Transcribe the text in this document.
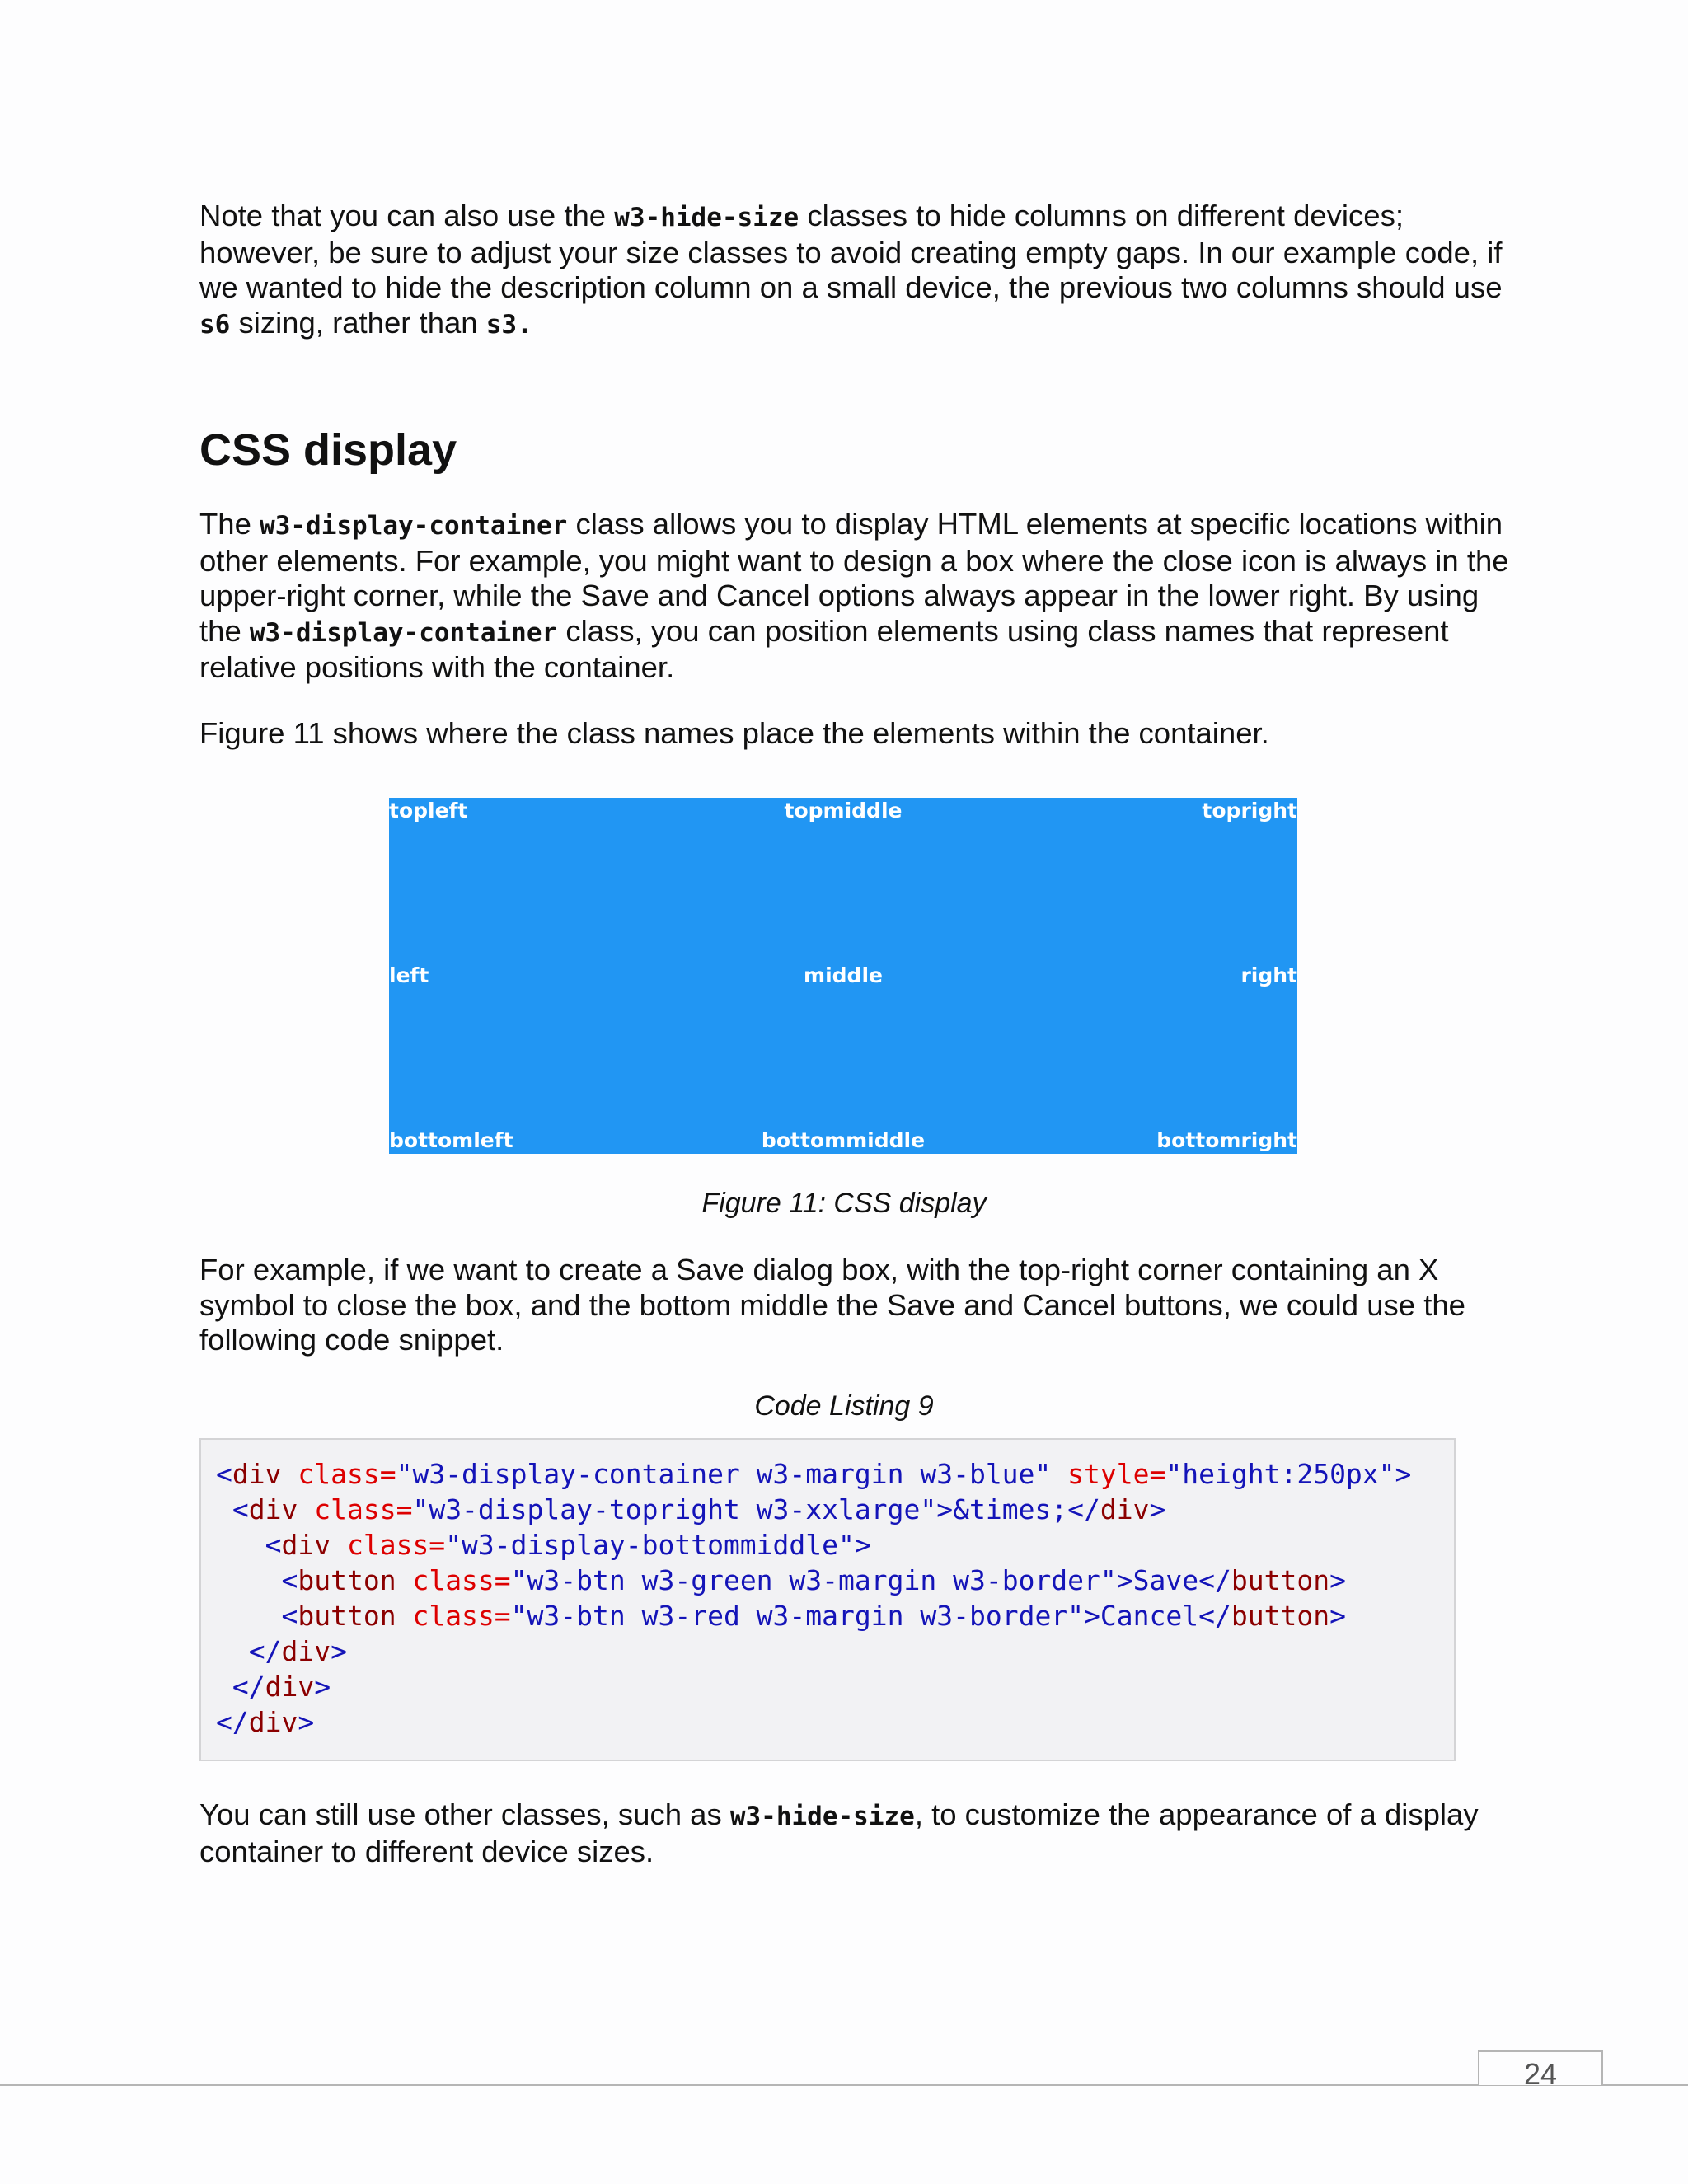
Note that you can also use the w3-hide-size classes to hide columns on different devices; however, be sure to adjust your size classes to avoid creating empty gaps. In our example code, if we wanted to hide the description column on a small device, the previous two columns should use s6 sizing, rather than s3.

CSS display

The w3-display-container class allows you to display HTML elements at specific locations within other elements. For example, you might want to design a box where the close icon is always in the upper-right corner, while the Save and Cancel options always appear in the lower right. By using the w3-display-container class, you can position elements using class names that represent relative positions with the container.

Figure 11 shows where the class names place the elements within the container.

topleft	topmiddle	topright
left	middle	right
bottomleft	bottommiddle	bottomright

Figure 11: CSS display

For example, if we want to create a Save dialog box, with the top-right corner containing an X symbol to close the box, and the bottom middle the Save and Cancel buttons, we could use the following code snippet.

Code Listing 9

<div class="w3-display-container w3-margin w3-blue" style="height:250px">
<div class="w3-display-topright w3-xxlarge">&times;</div>
<div class="w3-display-bottommiddle">
<button class="w3-btn w3-green w3-margin w3-border">Save</button>
<button class="w3-btn w3-red w3-margin w3-border">Cancel</button>
</div>
</div>
</div>

You can still use other classes, such as w3-hide-size, to customize the appearance of a display container to different device sizes.

24
